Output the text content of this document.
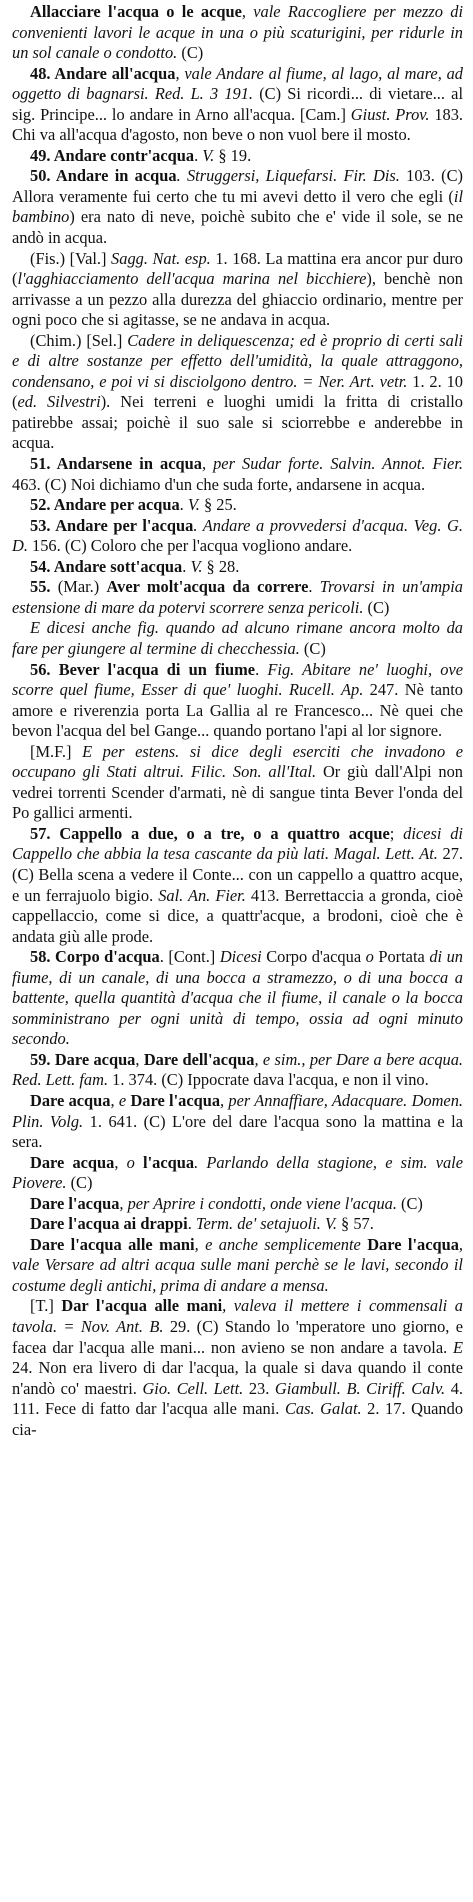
Allacciare l'acqua o le acque, vale Raccogliere per mezzo di convenienti lavori le acque in una o più scaturigini, per ridurle in un sol canale o condotto. (C)

48. Andare all'acqua, vale Andare al fiume, al lago, al mare, ad oggetto di bagnarsi. Red. L. 3 191. (C) Si ricordi... di vietare... al sig. Principe... lo andare in Arno all'acqua. [Cam.] Giust. Prov. 183. Chi va all'acqua d'agosto, non beve o non vuol bere il mosto.

49. Andare contr'acqua. V. § 19.

50. Andare in acqua. Struggersi, Liquefarsi. Fir. Dis. 103. (C) Allora veramente fui certo che tu mi avevi detto il vero che egli (il bambino) era nato di neve, poichè subito che e' vide il sole, se ne andò in acqua.

(Fis.) [Val.] Sagg. Nat. esp. 1. 168. La mattina era ancor pur duro (l'agghiacciamento dell'acqua marina nel bicchiere), benchè non arrivasse a un pezzo alla durezza del ghiaccio ordinario, mentre per ogni poco che si agitasse, se ne andava in acqua.

(Chim.) [Sel.] Cadere in deliquescenza; ed è proprio di certi sali e di altre sostanze per effetto dell'umidità, la quale attraggono, condensano, e poi vi si disciolgono dentro. = Ner. Art. vetr. 1. 2. 10 (ed. Silvestri). Nei terreni e luoghi umidi la fritta di cristallo patirebbe assai; poichè il suo sale si sciorrebbe e anderebbe in acqua.

51. Andarsene in acqua, per Sudar forte. Salvin. Annot. Fier. 463. (C) Noi dichiamo d'un che suda forte, andarsene in acqua.

52. Andare per acqua. V. § 25.

53. Andare per l'acqua. Andare a provvedersi d'acqua. Veg. G. D. 156. (C) Coloro che per l'acqua vogliono andare.

54. Andare sott'acqua. V. § 28.

55. (Mar.) Aver molt'acqua da correre. Trovarsi in un'ampia estensione di mare da potervi scorrere senza pericoli. (C)

E dicesi anche fig. quando ad alcuno rimane ancora molto da fare per giungere al termine di checchessia. (C)

56. Bever l'acqua di un fiume. Fig. Abitare ne' luoghi, ove scorre quel fiume, Esser di que' luoghi. Rucell. Ap. 247. Nè tanto amore e riverenzia porta La Gallia al re Francesco... Nè quei che bevon l'acqua del bel Gange... quando portano l'api al lor signore.

[M.F.] E per estens. si dice degli eserciti che invadono e occupano gli Stati altrui. Filic. Son. all'Ital. Or giù dall'Alpi non vedrei torrenti Scender d'armati, nè di sangue tinta Bever l'onda del Po gallici armenti.

57. Cappello a due, o a tre, o a quattro acque; dicesi di Cappello che abbia la tesa cascante da più lati. Magal. Lett. At. 27. (C) Bella scena a vedere il Conte... con un cappello a quattro acque, e un ferrajuolo bigio. Sal. An. Fier. 413. Berrettaccia a gronda, cioè cappellaccio, come si dice, a quattr'acque, a brodoni, cioè che è andata giù alle prode.

58. Corpo d'acqua. [Cont.] Dicesi Corpo d'acqua o Portata di un fiume, di un canale, di una bocca a stramezzo, o di una bocca a battente, quella quantità d'acqua che il fiume, il canale o la bocca somministrano per ogni unità di tempo, ossia ad ogni minuto secondo.

59. Dare acqua, Dare dell'acqua, e sim., per Dare a bere acqua. Red. Lett. fam. 1. 374. (C) Ippocrate dava l'acqua, e non il vino.

Dare acqua, e Dare l'acqua, per Annaffiare, Adacquare. Domen. Plin. Volg. 1. 641. (C) L'ore del dare l'acqua sono la mattina e la sera.

Dare acqua, o l'acqua. Parlando della stagione, e sim. vale Piovere. (C)

Dare l'acqua, per Aprire i condotti, onde viene l'acqua. (C)

Dare l'acqua ai drappi. Term. de' setajuoli. V. § 57.

Dare l'acqua alle mani, e anche semplicemente Dare l'acqua, vale Versare ad altri acqua sulle mani perchè se le lavi, secondo il costume degli antichi, prima di andare a mensa.

[T.] Dar l'acqua alle mani, valeva il mettere i commensali a tavola. = Nov. Ant. B. 29. (C) Stando lo 'mperatore uno giorno, e facea dar l'acqua alle mani... non avieno se non andare a tavola. E 24. Non era livero di dar l'acqua, la quale si dava quando il conte n'andò co' maestri. Gio. Cell. Lett. 23. Giambull. B. Ciriff. Calv. 4. 111. Fece di fatto dar l'acqua alle mani. Cas. Galat. 2. 17. Quando cia-
